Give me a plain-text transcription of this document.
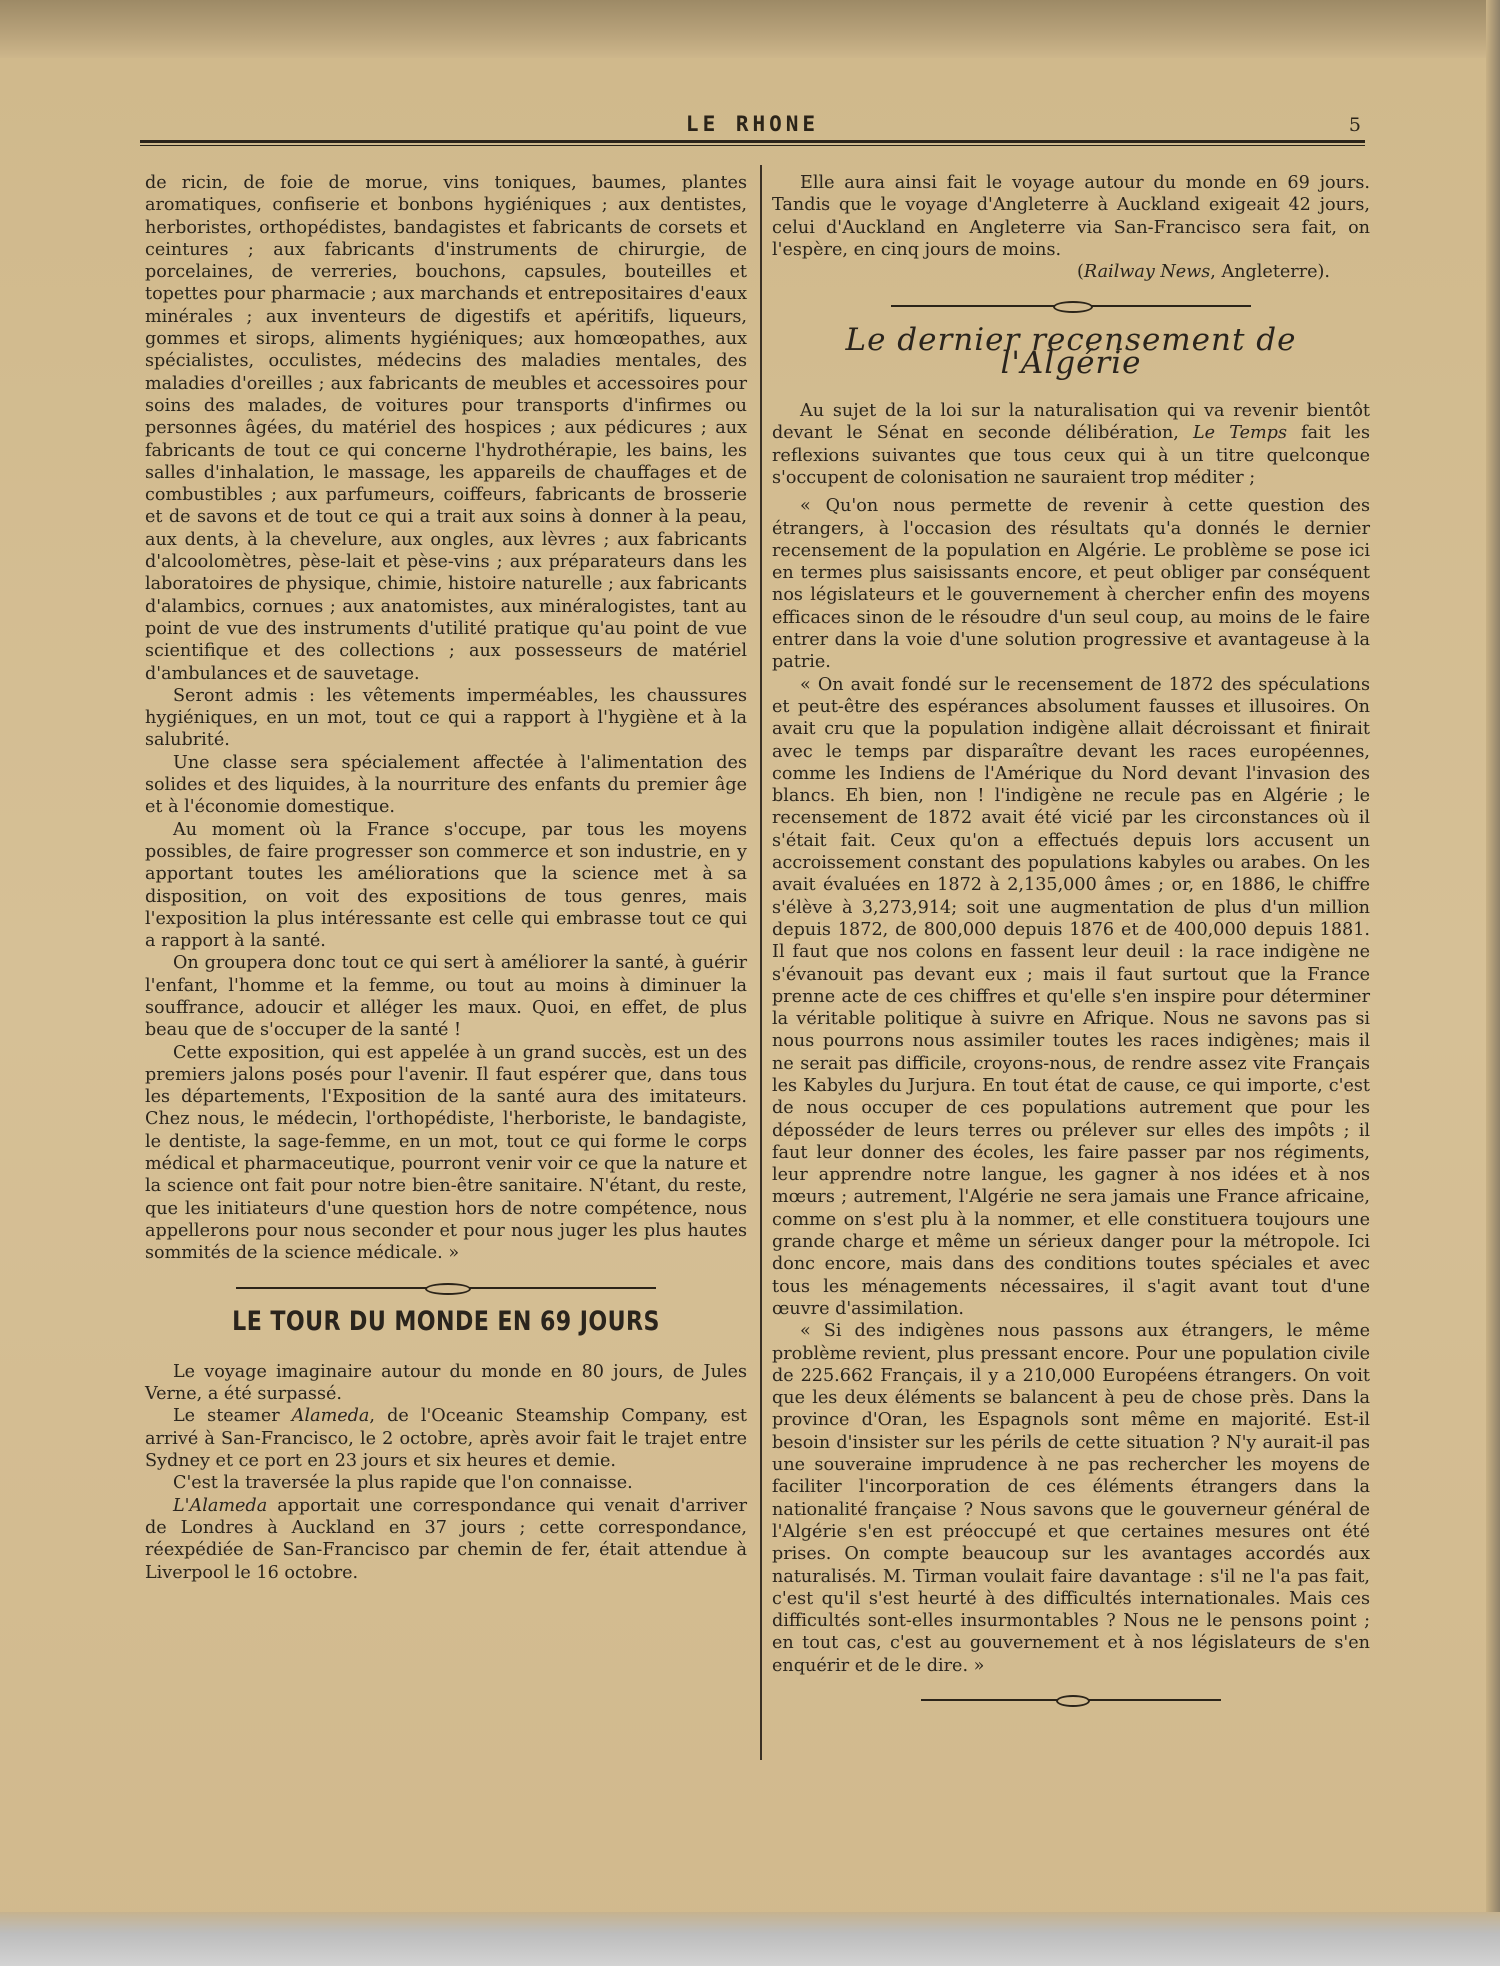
LE RHONE	5

de ricin, de foie de morue, vins toniques, baumes, plantes aromatiques, confiserie et bonbons hygiéniques ; aux dentistes, herboristes, orthopédistes, bandagistes et fabricants de corsets et ceintures ; aux fabricants d'instruments de chirurgie, de porcelaines, de verreries, bouchons, capsules, bouteilles et topettes pour pharmacie ; aux marchands et entrepositaires d'eaux minérales ; aux inventeurs de digestifs et apéritifs, liqueurs, gommes et sirops, aliments hygiéniques; aux homœopathes, aux spécialistes, occulistes, médecins des maladies mentales, des maladies d'oreilles ; aux fabricants de meubles et accessoires pour soins des malades, de voitures pour transports d'infirmes ou personnes âgées, du matériel des hospices ; aux pédicures ; aux fabricants de tout ce qui concerne l'hydrothérapie, les bains, les salles d'inhalation, le massage, les appareils de chauffages et de combustibles ; aux parfumeurs, coiffeurs, fabricants de brosserie et de savons et de tout ce qui a trait aux soins à donner à la peau, aux dents, à la chevelure, aux ongles, aux lèvres ; aux fabricants d'alcoolomètres, pèse-lait et pèse-vins ; aux préparateurs dans les laboratoires de physique, chimie, histoire naturelle ; aux fabricants d'alambics, cornues ; aux anatomistes, aux minéralogistes, tant au point de vue des instruments d'utilité pratique qu'au point de vue scientifique et des collections ; aux possesseurs de matériel d'ambulances et de sauvetage.

Seront admis : les vêtements imperméables, les chaussures hygiéniques, en un mot, tout ce qui a rapport à l'hygiène et à la salubrité.

Une classe sera spécialement affectée à l'alimentation des solides et des liquides, à la nourriture des enfants du premier âge et à l'économie domestique.

Au moment où la France s'occupe, par tous les moyens possibles, de faire progresser son commerce et son industrie, en y apportant toutes les améliorations que la science met à sa disposition, on voit des expositions de tous genres, mais l'exposition la plus intéressante est celle qui embrasse tout ce qui a rapport à la santé.

On groupera donc tout ce qui sert à améliorer la santé, à guérir l'enfant, l'homme et la femme, ou tout au moins à diminuer la souffrance, adoucir et alléger les maux. Quoi, en effet, de plus beau que de s'occuper de la santé !

Cette exposition, qui est appelée à un grand succès, est un des premiers jalons posés pour l'avenir. Il faut espérer que, dans tous les départements, l'Exposition de la santé aura des imitateurs. Chez nous, le médecin, l'orthopédiste, l'herboriste, le bandagiste, le dentiste, la sage-femme, en un mot, tout ce qui forme le corps médical et pharmaceutique, pourront venir voir ce que la nature et la science ont fait pour notre bien-être sanitaire. N'étant, du reste, que les initiateurs d'une question hors de notre compétence, nous appellerons pour nous seconder et pour nous juger les plus hautes sommités de la science médicale. »

LE TOUR DU MONDE EN 69 JOURS

Le voyage imaginaire autour du monde en 80 jours, de Jules Verne, a été surpassé.

Le steamer Alameda, de l'Oceanic Steamship Company, est arrivé à San-Francisco, le 2 octobre, après avoir fait le trajet entre Sydney et ce port en 23 jours et six heures et demie.

C'est la traversée la plus rapide que l'on connaisse.

L'Alameda apportait une correspondance qui venait d'arriver de Londres à Auckland en 37 jours ; cette correspondance, réexpédiée de San-Francisco par chemin de fer, était attendue à Liverpool le 16 octobre.

Elle aura ainsi fait le voyage autour du monde en 69 jours. Tandis que le voyage d'Angleterre à Auckland exigeait 42 jours, celui d'Auckland en Angleterre via San-Francisco sera fait, on l'espère, en cinq jours de moins.

(Railway News, Angleterre).

Le dernier recensement de l'Algérie

Au sujet de la loi sur la naturalisation qui va revenir bientôt devant le Sénat en seconde délibération, Le Temps fait les reflexions suivantes que tous ceux qui à un titre quelconque s'occupent de colonisation ne sauraient trop méditer ;

« Qu'on nous permette de revenir à cette question des étrangers, à l'occasion des résultats qu'a donnés le dernier recensement de la population en Algérie. Le problème se pose ici en termes plus saisissants encore, et peut obliger par conséquent nos législateurs et le gouvernement à chercher enfin des moyens efficaces sinon de le résoudre d'un seul coup, au moins de le faire entrer dans la voie d'une solution progressive et avantageuse à la patrie.

« On avait fondé sur le recensement de 1872 des spéculations et peut-être des espérances absolument fausses et illusoires. On avait cru que la population indigène allait décroissant et finirait avec le temps par disparaître devant les races européennes, comme les Indiens de l'Amérique du Nord devant l'invasion des blancs. Eh bien, non ! l'indigène ne recule pas en Algérie ; le recensement de 1872 avait été vicié par les circonstances où il s'était fait. Ceux qu'on a effectués depuis lors accusent un accroissement constant des populations kabyles ou arabes. On les avait évaluées en 1872 à 2,135,000 âmes ; or, en 1886, le chiffre s'élève à 3,273,914; soit une augmentation de plus d'un million depuis 1872, de 800,000 depuis 1876 et de 400,000 depuis 1881. Il faut que nos colons en fassent leur deuil : la race indigène ne s'évanouit pas devant eux ; mais il faut surtout que la France prenne acte de ces chiffres et qu'elle s'en inspire pour déterminer la véritable politique à suivre en Afrique. Nous ne savons pas si nous pourrons nous assimiler toutes les races indigènes; mais il ne serait pas difficile, croyons-nous, de rendre assez vite Français les Kabyles du Jurjura. En tout état de cause, ce qui importe, c'est de nous occuper de ces populations autrement que pour les déposséder de leurs terres ou prélever sur elles des impôts ; il faut leur donner des écoles, les faire passer par nos régiments, leur apprendre notre langue, les gagner à nos idées et à nos mœurs ; autrement, l'Algérie ne sera jamais une France africaine, comme on s'est plu à la nommer, et elle constituera toujours une grande charge et même un sérieux danger pour la métropole. Ici donc encore, mais dans des conditions toutes spéciales et avec tous les ménagements nécessaires, il s'agit avant tout d'une œuvre d'assimilation.

« Si des indigènes nous passons aux étrangers, le même problème revient, plus pressant encore. Pour une population civile de 225.662 Français, il y a 210,000 Européens étrangers. On voit que les deux éléments se balancent à peu de chose près. Dans la province d'Oran, les Espagnols sont même en majorité. Est-il besoin d'insister sur les périls de cette situation ? N'y aurait-il pas une souveraine imprudence à ne pas rechercher les moyens de faciliter l'incorporation de ces éléments étrangers dans la nationalité française ? Nous savons que le gouverneur général de l'Algérie s'en est préoccupé et que certaines mesures ont été prises. On compte beaucoup sur les avantages accordés aux naturalisés. M. Tirman voulait faire davantage : s'il ne l'a pas fait, c'est qu'il s'est heurté à des difficultés internationales. Mais ces difficultés sont-elles insurmontables ? Nous ne le pensons point ; en tout cas, c'est au gouvernement et à nos législateurs de s'en enquérir et de le dire. »
